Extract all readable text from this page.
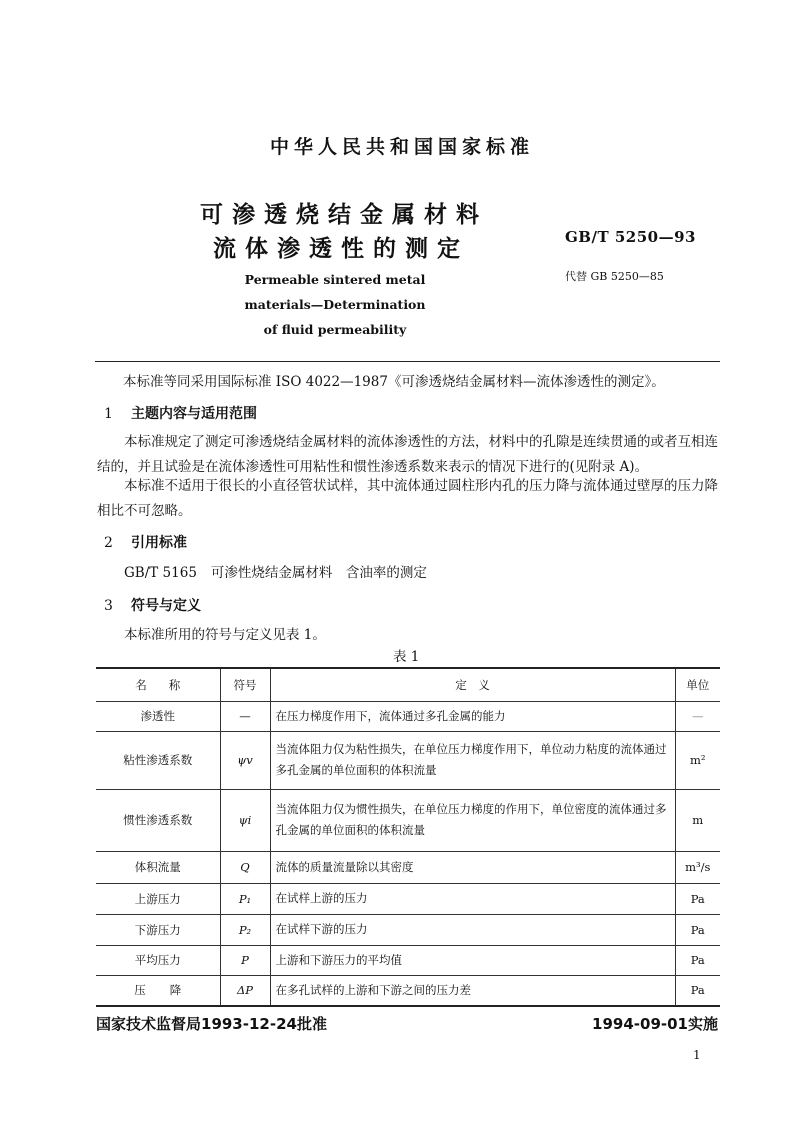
中华人民共和国国家标准
可渗透烧结金属材料
流体渗透性的测定	GB/T 5250—93
代替 GB 5250—85
Permeable sintered metal
materials—Determination
of fluid permeability
本标准等同采用国际标准 ISO 4022—1987《可渗透烧结金属材料—流体渗透性的测定》。
1 主题内容与适用范围
本标准规定了测定可渗透烧结金属材料的流体渗透性的方法，材料中的孔隙是连续贯通的或者互相连结的，并且试验是在流体渗透性可用粘性和惯性渗透系数来表示的情况下进行的(见附录 A)。
本标准不适用于很长的小直径管状试样，其中流体通过圆柱形内孔的压力降与流体通过壁厚的压力降相比不可忽略。
2 引用标准
GB/T 5165 可渗性烧结金属材料　含油率的测定
3 符号与定义
本标准所用的符号与定义见表 1。
表 1
名称	符号	定　义	单位
渗透性	—	在压力梯度作用下，流体通过多孔金属的能力	—
粘性渗透系数	ψv	当流体阻力仅为粘性损失，在单位压力梯度作用下，单位动力粘度的流体通过多孔金属的单位面积的体积流量	m²
惯性渗透系数	ψi	当流体阻力仅为惯性损失，在单位压力梯度的作用下，单位密度的流体通过多孔金属的单位面积的体积流量	m
体积流量	Q	流体的质量流量除以其密度	m³/s
上游压力	P₁	在试样上游的压力	Pa
下游压力	P₂	在试样下游的压力	Pa
平均压力	P	上游和下游压力的平均值	Pa
压降	ΔP	在多孔试样的上游和下游之间的压力差	Pa
国家技术监督局1993-12-24批准	1994-09-01实施
1
